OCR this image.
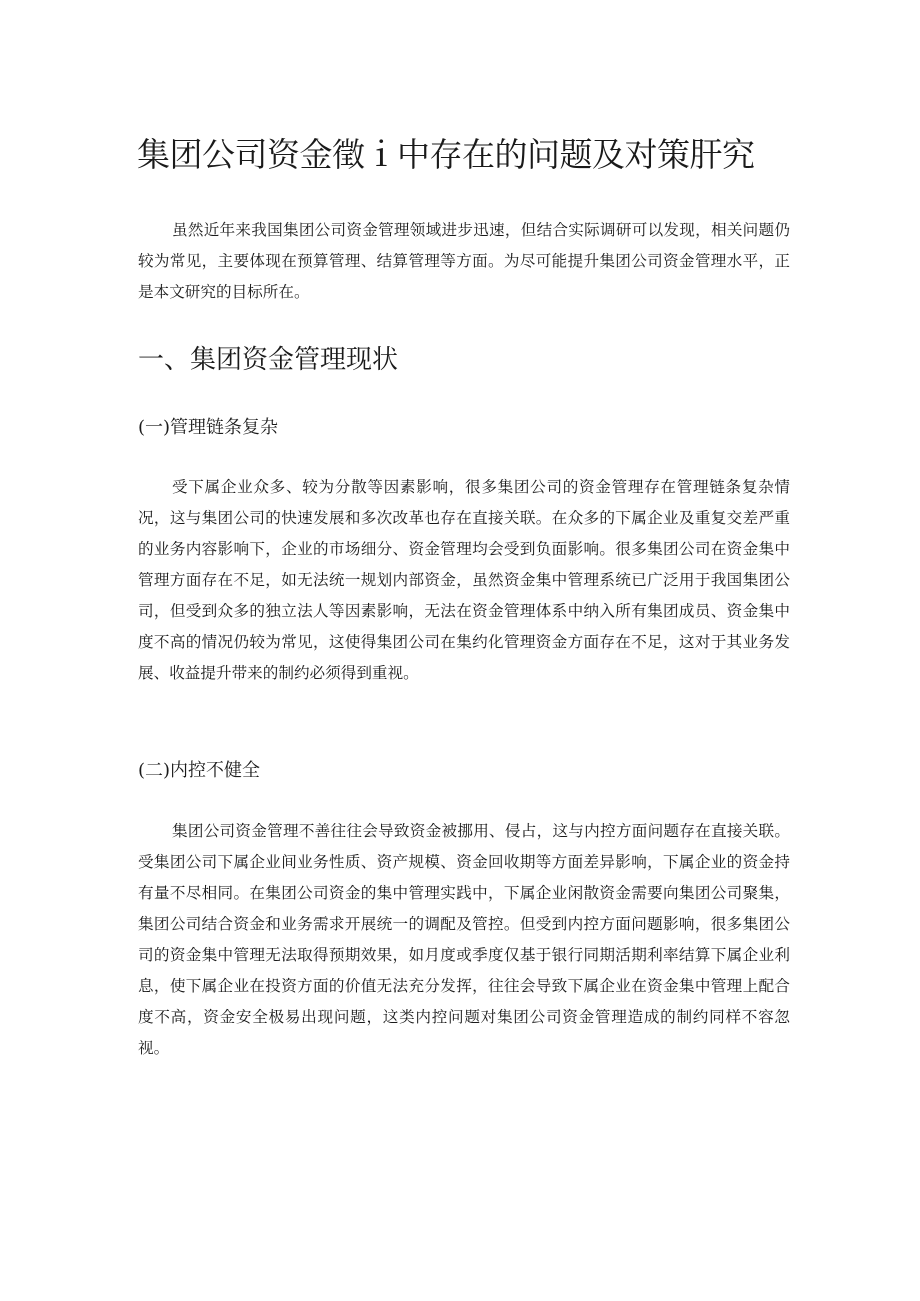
集团公司资金徵ｉ中存在的问题及对策肝究

虽然近年来我国集团公司资金管理领域进步迅速，但结合实际调研可以发现，相关问题仍较为常见，主要体现在预算管理、结算管理等方面。为尽可能提升集团公司资金管理水平，正是本文研究的目标所在。

一、集团资金管理现状
(一)管理链条复杂

受下属企业众多、较为分散等因素影响，很多集团公司的资金管理存在管理链条复杂情况，这与集团公司的快速发展和多次改革也存在直接关联。在众多的下属企业及重复交差严重的业务内容影响下，企业的市场细分、资金管理均会受到负面影响。很多集团公司在资金集中管理方面存在不足，如无法统一规划内部资金，虽然资金集中管理系统已广泛用于我国集团公司，但受到众多的独立法人等因素影响，无法在资金管理体系中纳入所有集团成员、资金集中度不高的情况仍较为常见，这使得集团公司在集约化管理资金方面存在不足，这对于其业务发展、收益提升带来的制约必须得到重视。

(二)内控不健全

集团公司资金管理不善往往会导致资金被挪用、侵占，这与内控方面问题存在直接关联。受集团公司下属企业间业务性质、资产规模、资金回收期等方面差异影响，下属企业的资金持有量不尽相同。在集团公司资金的集中管理实践中，下属企业闲散资金需要向集团公司聚集，集团公司结合资金和业务需求开展统一的调配及管控。但受到内控方面问题影响，很多集团公司的资金集中管理无法取得预期效果，如月度或季度仅基于银行同期活期利率结算下属企业利息，使下属企业在投资方面的价值无法充分发挥，往往会导致下属企业在资金集中管理上配合度不高，资金安全极易出现问题，这类内控问题对集团公司资金管理造成的制约同样不容忽视。
